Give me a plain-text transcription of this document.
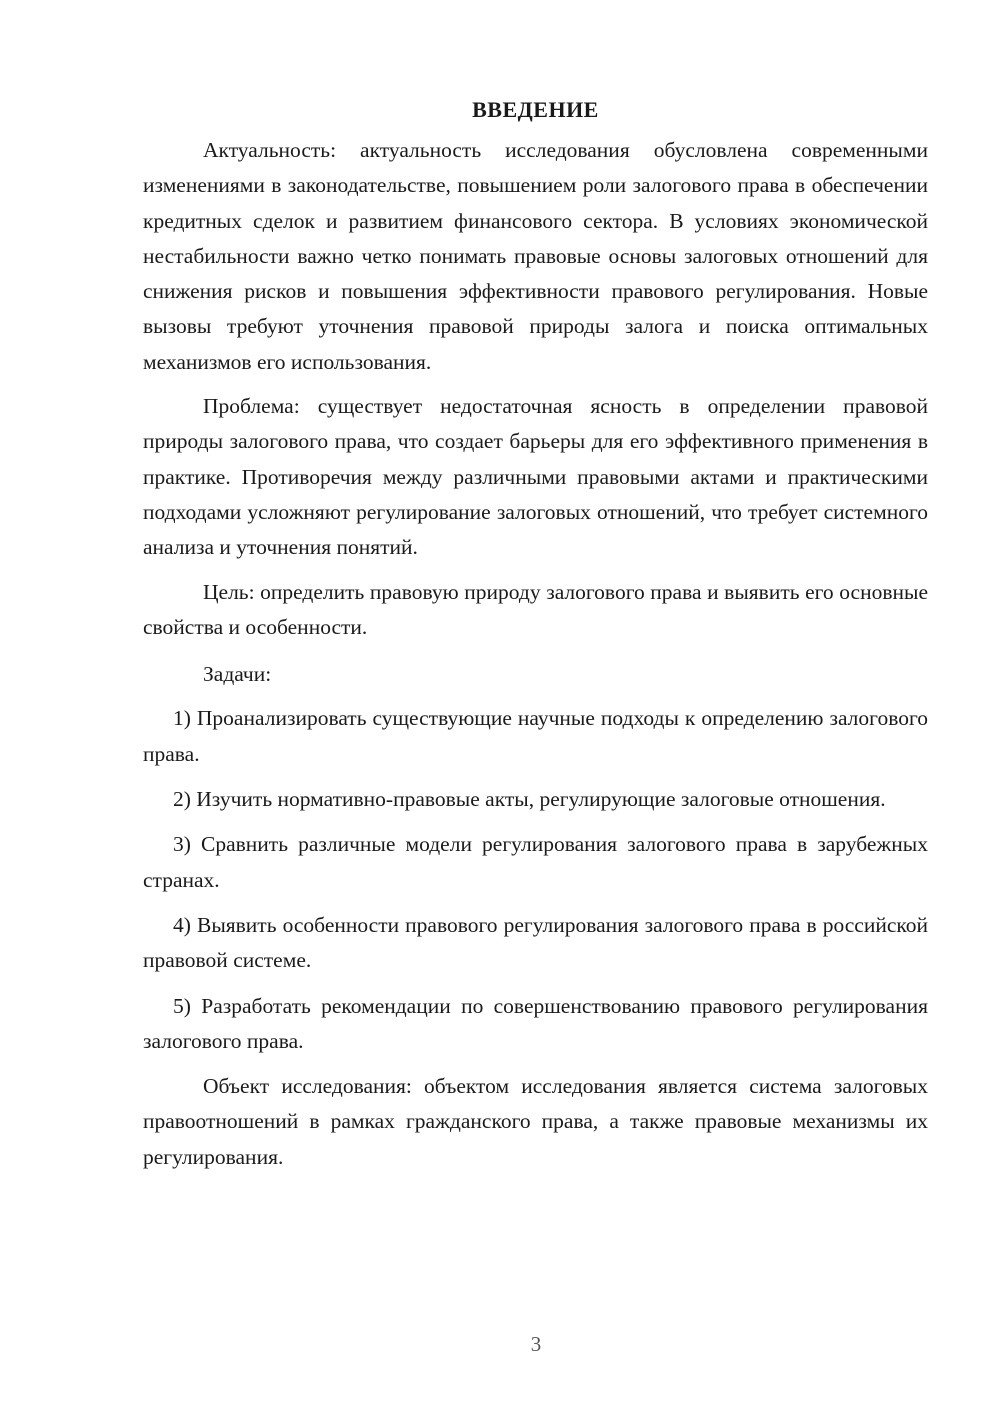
ВВЕДЕНИЕ

Актуальность: актуальность исследования обусловлена современными изменениями в законодательстве, повышением роли залогового права в обеспечении кредитных сделок и развитием финансового сектора. В условиях экономической нестабильности важно четко понимать правовые основы залоговых отношений для снижения рисков и повышения эффективности правового регулирования. Новые вызовы требуют уточнения правовой природы залога и поиска оптимальных механизмов его использования.

Проблема: существует недостаточная ясность в определении правовой природы залогового права, что создает барьеры для его эффективного применения в практике. Противоречия между различными правовыми актами и практическими подходами усложняют регулирование залоговых отношений, что требует системного анализа и уточнения понятий.

Цель: определить правовую природу залогового права и выявить его основные свойства и особенности.

Задачи:

1) Проанализировать существующие научные подходы к определению залогового права.

2) Изучить нормативно-правовые акты, регулирующие залоговые отношения.

3) Сравнить различные модели регулирования залогового права в зарубежных странах.

4) Выявить особенности правового регулирования залогового права в российской правовой системе.

5) Разработать рекомендации по совершенствованию правового регулирования залогового права.

Объект исследования: объектом исследования является система залоговых правоотношений в рамках гражданского права, а также правовые механизмы их регулирования.

3
